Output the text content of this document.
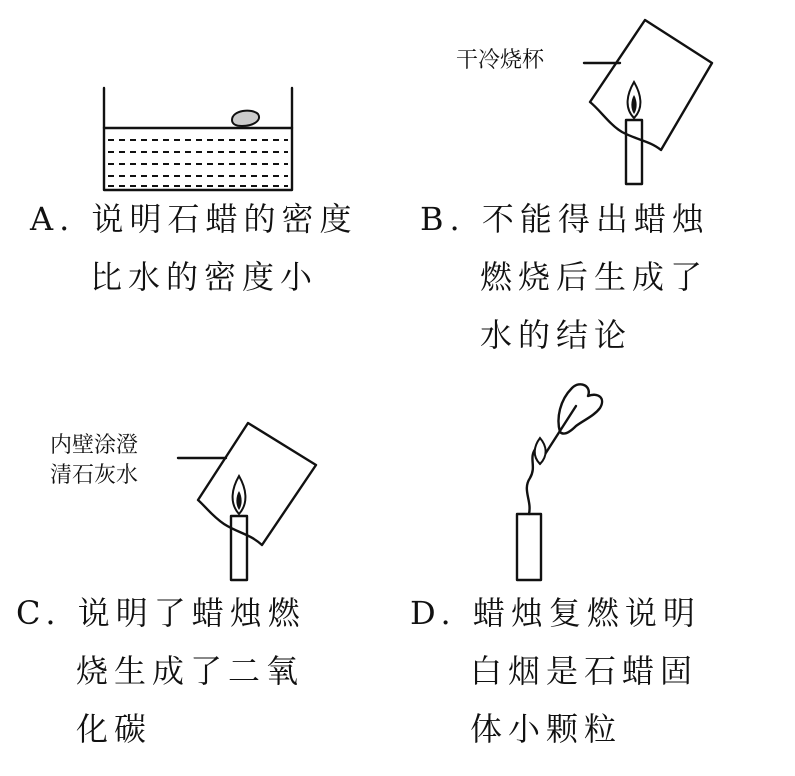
干冷烧杯
内壁涂澄
清石灰水
A. 说明石蜡的密度
比水的密度小
B. 不能得出蜡烛
燃烧后生成了
水的结论
C. 说明了蜡烛燃
烧生成了二氧
化碳
D. 蜡烛复燃说明
白烟是石蜡固
体小颗粒
